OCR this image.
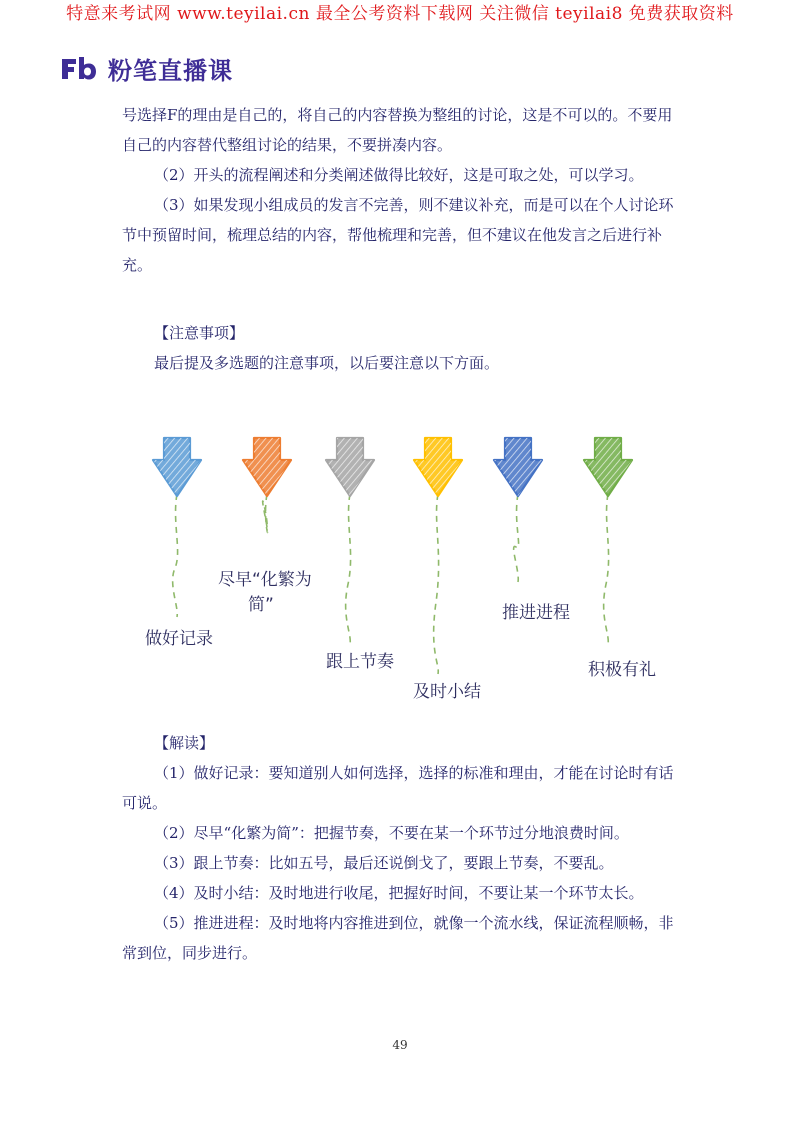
特意来考试网 www.teyilai.cn 最全公考资料下载网 关注微信 teyilai8 免费获取资料
粉笔直播课

号选择F的理由是自己的，将自己的内容替换为整组的讨论，这是不可以的。不要用自己的内容替代整组讨论的结果，不要拼凑内容。

（2）开头的流程阐述和分类阐述做得比较好，这是可取之处，可以学习。

（3）如果发现小组成员的发言不完善，则不建议补充，而是可以在个人讨论环节中预留时间，梳理总结的内容，帮他梳理和完善，但不建议在他发言之后进行补充。

【注意事项】

最后提及多选题的注意事项，以后要注意以下方面。

做好记录
尽早“化繁为
简”
跟上节奏
及时小结
推进进程
积极有礼

【解读】

（1）做好记录：要知道别人如何选择，选择的标准和理由，才能在讨论时有话可说。

（2）尽早“化繁为简”：把握节奏，不要在某一个环节过分地浪费时间。

（3）跟上节奏：比如五号，最后还说倒戈了，要跟上节奏，不要乱。

（4）及时小结：及时地进行收尾，把握好时间，不要让某一个环节太长。

（5）推进进程：及时地将内容推进到位，就像一个流水线，保证流程顺畅，非常到位，同步进行。

49
